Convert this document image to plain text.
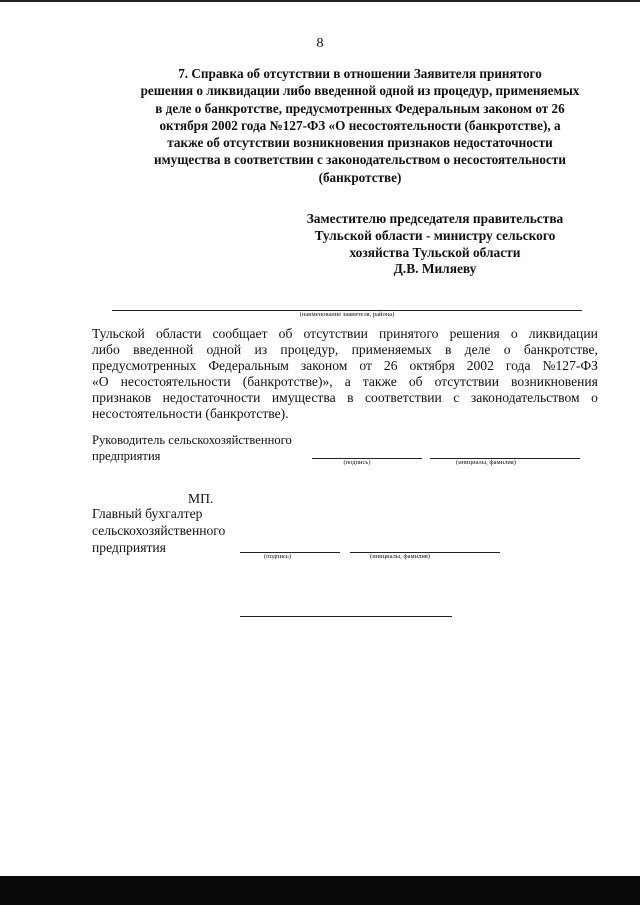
8
7. Справка об отсутствии в отношении Заявителя принятого
решения о ликвидации либо введенной одной из процедур, применяемых
в деле о банкротстве, предусмотренных Федеральным законом от 26
октября 2002 года №127-ФЗ «О несостоятельности (банкротстве), а
также об отсутствии возникновения признаков недостаточности
имущества в соответствии с законодательством о несостоятельности
(банкротстве)
Заместителю председателя правительства
Тульской области - министру сельского
хозяйства Тульской области
Д.В. Миляеву
(наименование заявителя, района)
Тульской области сообщает об отсутствии принятого решения о ликвидации
либо введенной одной из процедур, применяемых в деле о банкротстве,
предусмотренных Федеральным законом от 26 октября 2002 года №127-ФЗ
«О несостоятельности (банкротстве)», а также об отсутствии возникновения
признаков недостаточности имущества в соответствии с законодательством о
несостоятельности (банкротстве).
Руководитель сельскохозяйственного
предприятия	(подпись)	(инициалы, фамилия)
МП.
Главный бухгалтер
сельскохозяйственного
предприятия
(подпись)	(инициалы, фамилия)
